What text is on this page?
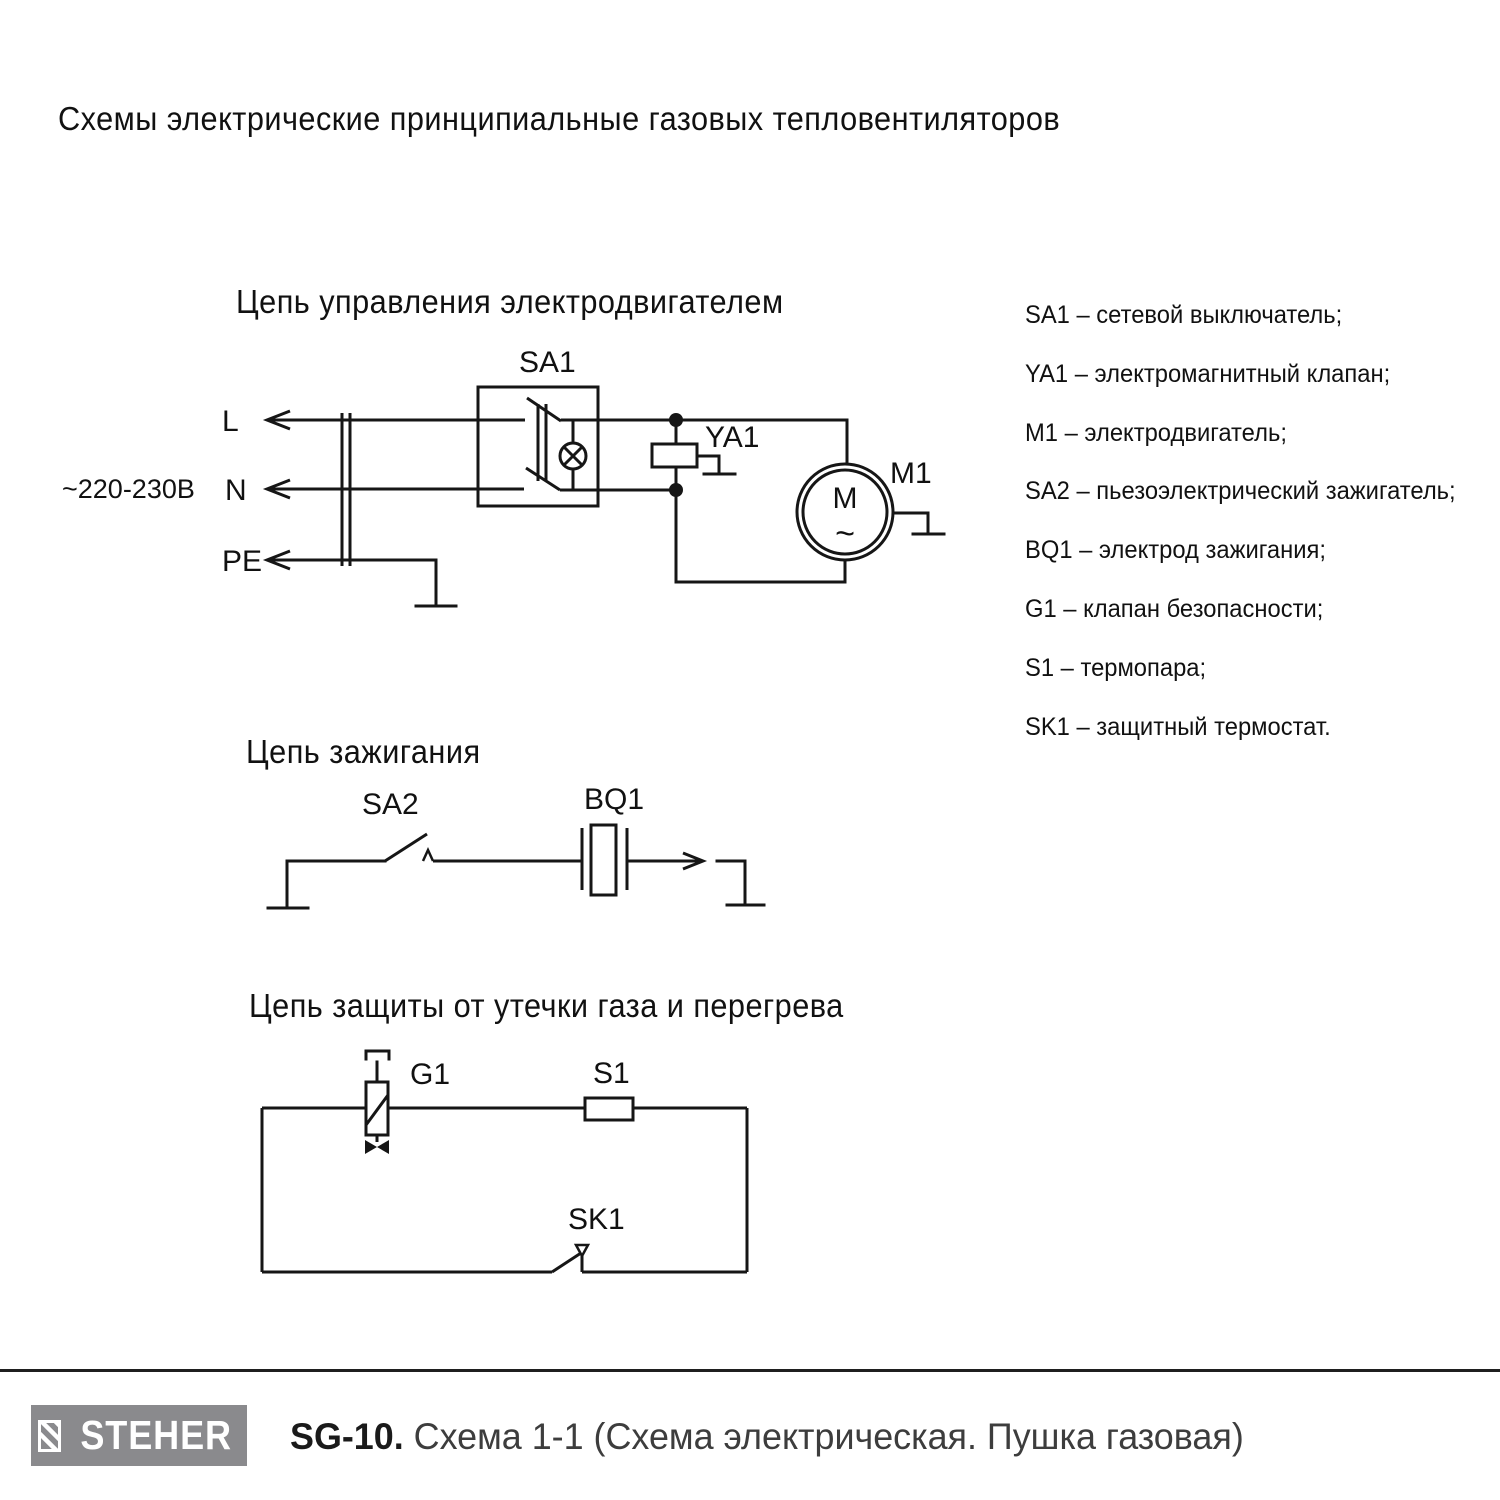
Схемы электрические принципиальные газовых тепловентиляторов
Цепь управления электродвигателем
Цепь зажигания
Цепь защиты от утечки газа и перегрева
SA1 – сетевой выключатель;
YA1 – электромагнитный клапан;
M1 – электродвигатель;
SA2 – пьезоэлектрический зажигатель;
BQ1 – электрод зажигания;
G1 – клапан безопасности;
S1 – термопара;
SK1 – защитный термостат.
~220-230В
L
N
PE
SA1
YA1
M
~
M1
SA2	BQ1
G1	S1
SK1
STEHER SG-10. Схема 1-1 (Схема электрическая. Пушка газовая)
